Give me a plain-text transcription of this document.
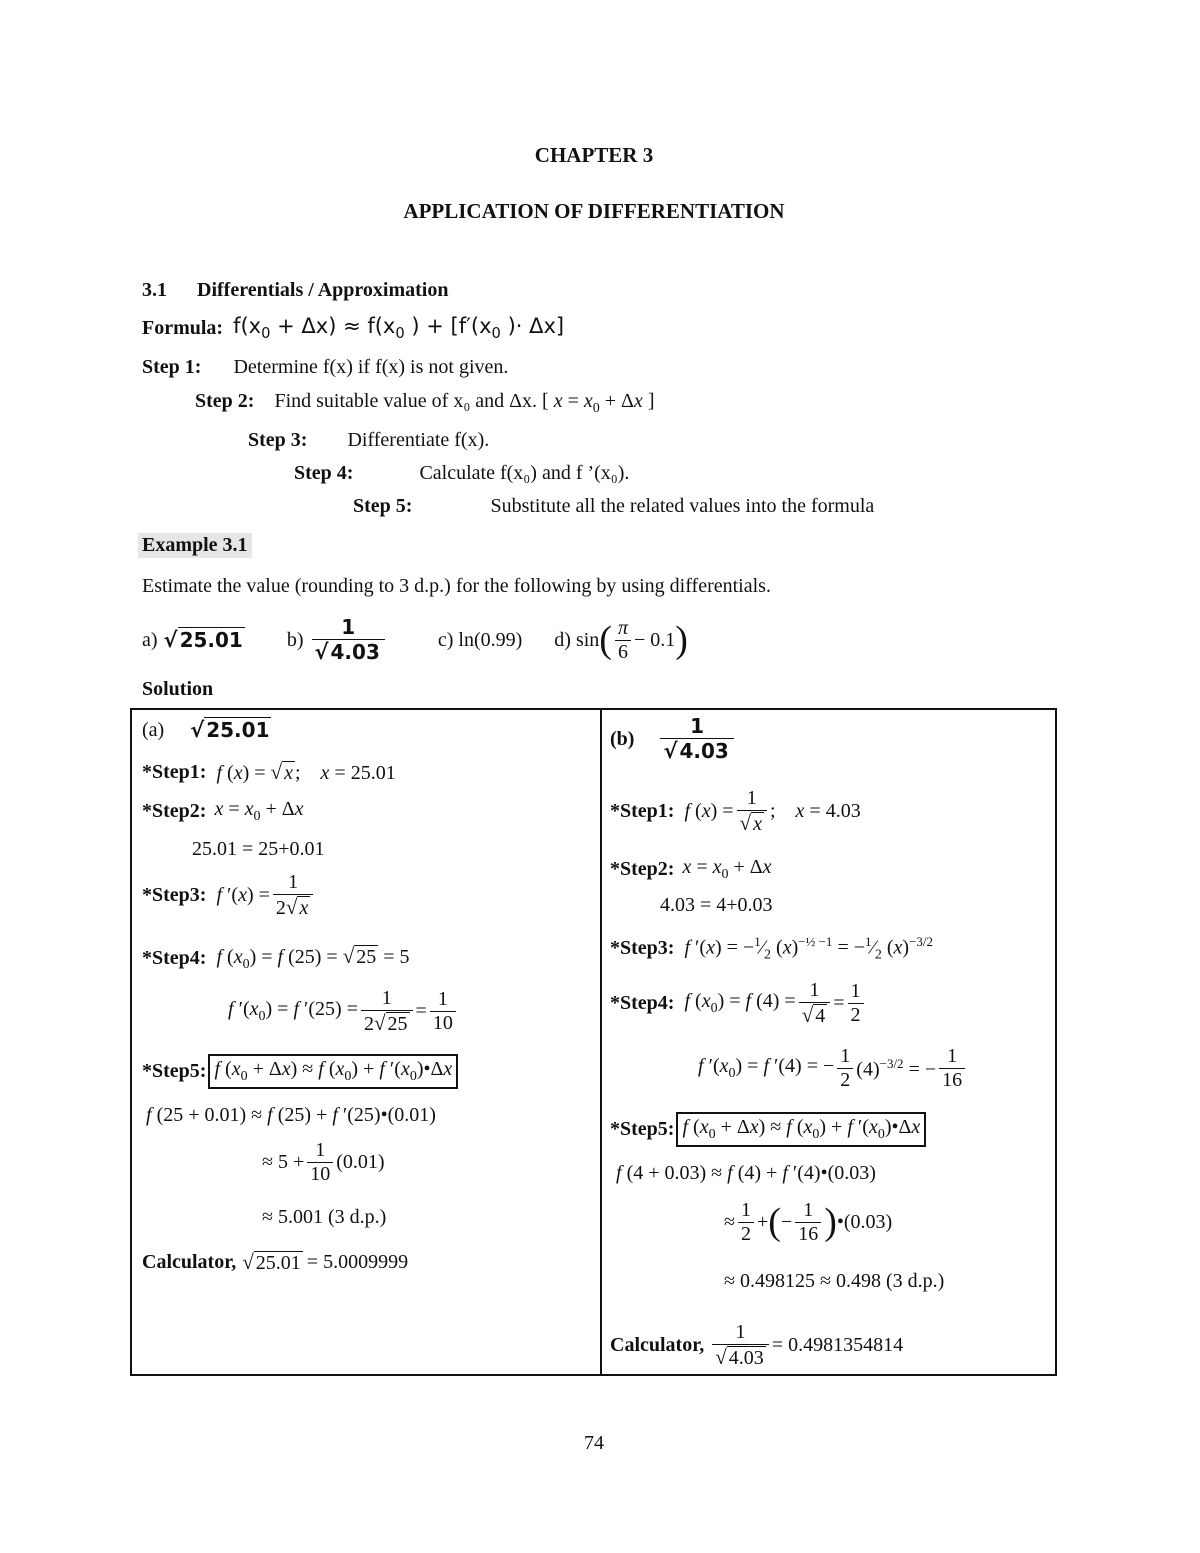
CHAPTER 3
APPLICATION OF DIFFERENTIATION
3.1 Differentials / Approximation
Formula: $f(x_0 + \Delta x) \approx f(x_0$ ) + [$f'(x_0$ )· Δx]
Step 1: Determine f(x) if f(x) is not given.
Step 2: Find suitable value of x₀ and Δx. [ $x = x_0 + \Delta x$ ]
Step 3: Differentiate f(x).
Step 4:	Calculate f(x₀) and f ’(x₀).
Step 5:	Substitute all the related values into the formula
Example 3.1
Estimate the value (rounding to 3 d.p.) for the following by using differentials.
a) √ 25.01 $b) \frac{1}{√ 4.03}$	c) ln(0.99) d) sin ( $\frac{\pi}{6} - 0.1$ )
Solution
(a) √ 25.01
*Step1 : f (x) = √ x ;    x = 25.01
*Step2 : $x = x_0 + \Delta x$
25.01 = 25+0.01
*Step3 : f $'(x) = \frac{1}{2√ x}$
*Step4 : f $(x_0) = f$ (25) = √ 25 = 5
f $'(x_0) = f$ $'(25) = \frac{1}{2√ 25} = \frac{1}{10}$
*Step5 : f $(x_0 + \Delta x) \approx f$ $(x_0) + f$ $'(x_0)•\Delta x$
f (25 + 0.01) ≈ f (25) + f ′(25)•(0.01)
≈ $5 + \frac{1}{10} (0.01)$
≈ 5.001 (3 d.p.)
Calculator, √ 25.01 = 5.0009999
$(b) \frac{1}{√ 4.03}$
*Step1 : f $(x) = \frac{1}{√ x}$ ;    x = 4.03
*Step2 : $x = x_0 + \Delta x$
4.03 = 4+0.03
*Step3 : f $'(x) = -^1⁄_2$ $(x)^{-\frac{1}{2} -1}$ = $-^1⁄_2$ $(x)^{-3/2}$
*Step4 : f $(x_0) = f$ $(4) = \frac{1}{√ 4} = \frac{1}{2}$
f $'(x_0) = f$ ′(4) = − $\frac{1}{2} (4)^{-3/2}$ = − $\frac{1}{16}$
*Step5 : f $(x_0 + \Delta x) \approx f$ $(x_0) + f$ $'(x_0)•\Delta x$
f (4 + 0.03) ≈ f (4) + f ′(4)•(0.03)
≈ $\frac{1}{2}$ + ( − $\frac{1}{16}$ ) •(0.03)
≈ 0.498125 ≈ 0.498 (3 d.p.)
Calculator, $\frac{1}{√ 4.03} = 0.4981354814$
74
